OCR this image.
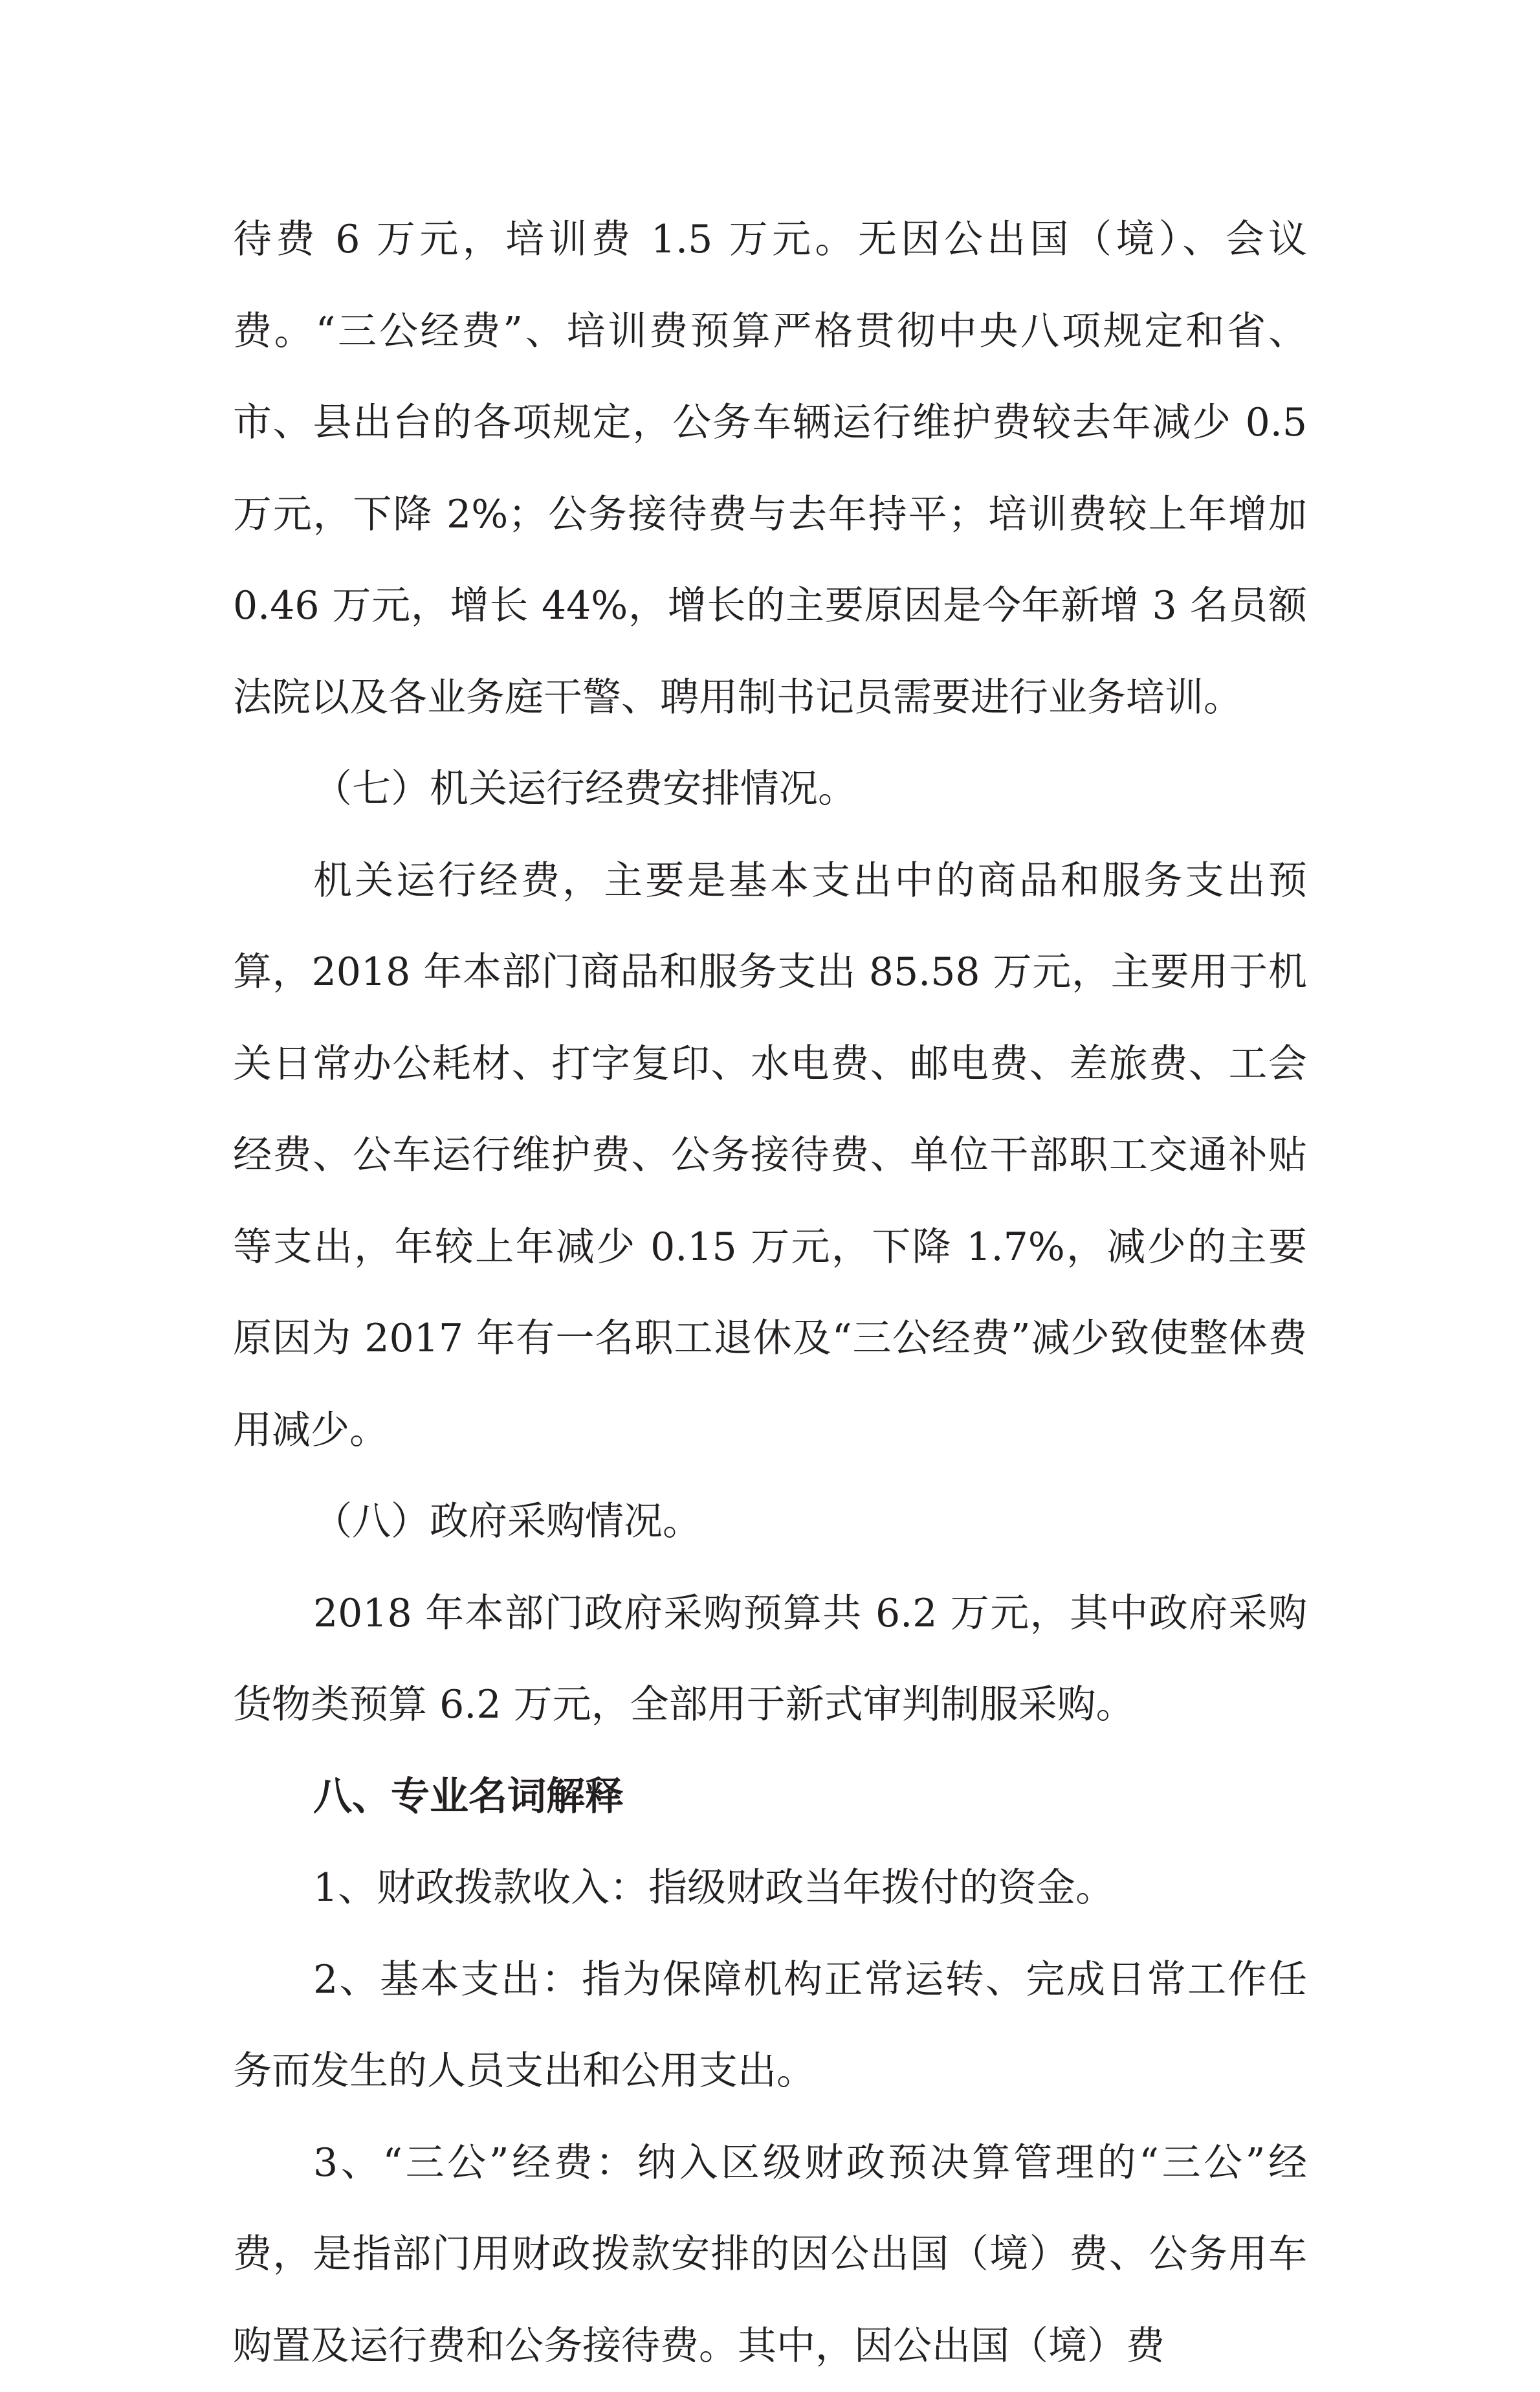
待费 6 万元，培训费 1.5 万元。无因公出国（境）、会议费。“三公经费”、培训费预算严格贯彻中央八项规定和省、市、县出台的各项规定，公务车辆运行维护费较去年减少 0.5 万元，下降 2%；公务接待费与去年持平；培训费较上年增加 0.46 万元，增长 44%，增长的主要原因是今年新增 3 名员额法院以及各业务庭干警、聘用制书记员需要进行业务培训。

（七）机关运行经费安排情况。

机关运行经费，主要是基本支出中的商品和服务支出预算，2018 年本部门商品和服务支出 85.58 万元，主要用于机关日常办公耗材、打字复印、水电费、邮电费、差旅费、工会经费、公车运行维护费、公务接待费、单位干部职工交通补贴等支出，年较上年减少 0.15 万元，下降 1.7%，减少的主要原因为 2017 年有一名职工退休及“三公经费”减少致使整体费用减少。

（八）政府采购情况。

2018 年本部门政府采购预算共 6.2 万元，其中政府采购货物类预算 6.2 万元，全部用于新式审判制服采购。

八、专业名词解释

1、财政拨款收入：指级财政当年拨付的资金。

2、基本支出：指为保障机构正常运转、完成日常工作任务而发生的人员支出和公用支出。

3、“三公”经费：纳入区级财政预决算管理的“三公”经费，是指部门用财政拨款安排的因公出国（境）费、公务用车购置及运行费和公务接待费。其中，因公出国（境）费
